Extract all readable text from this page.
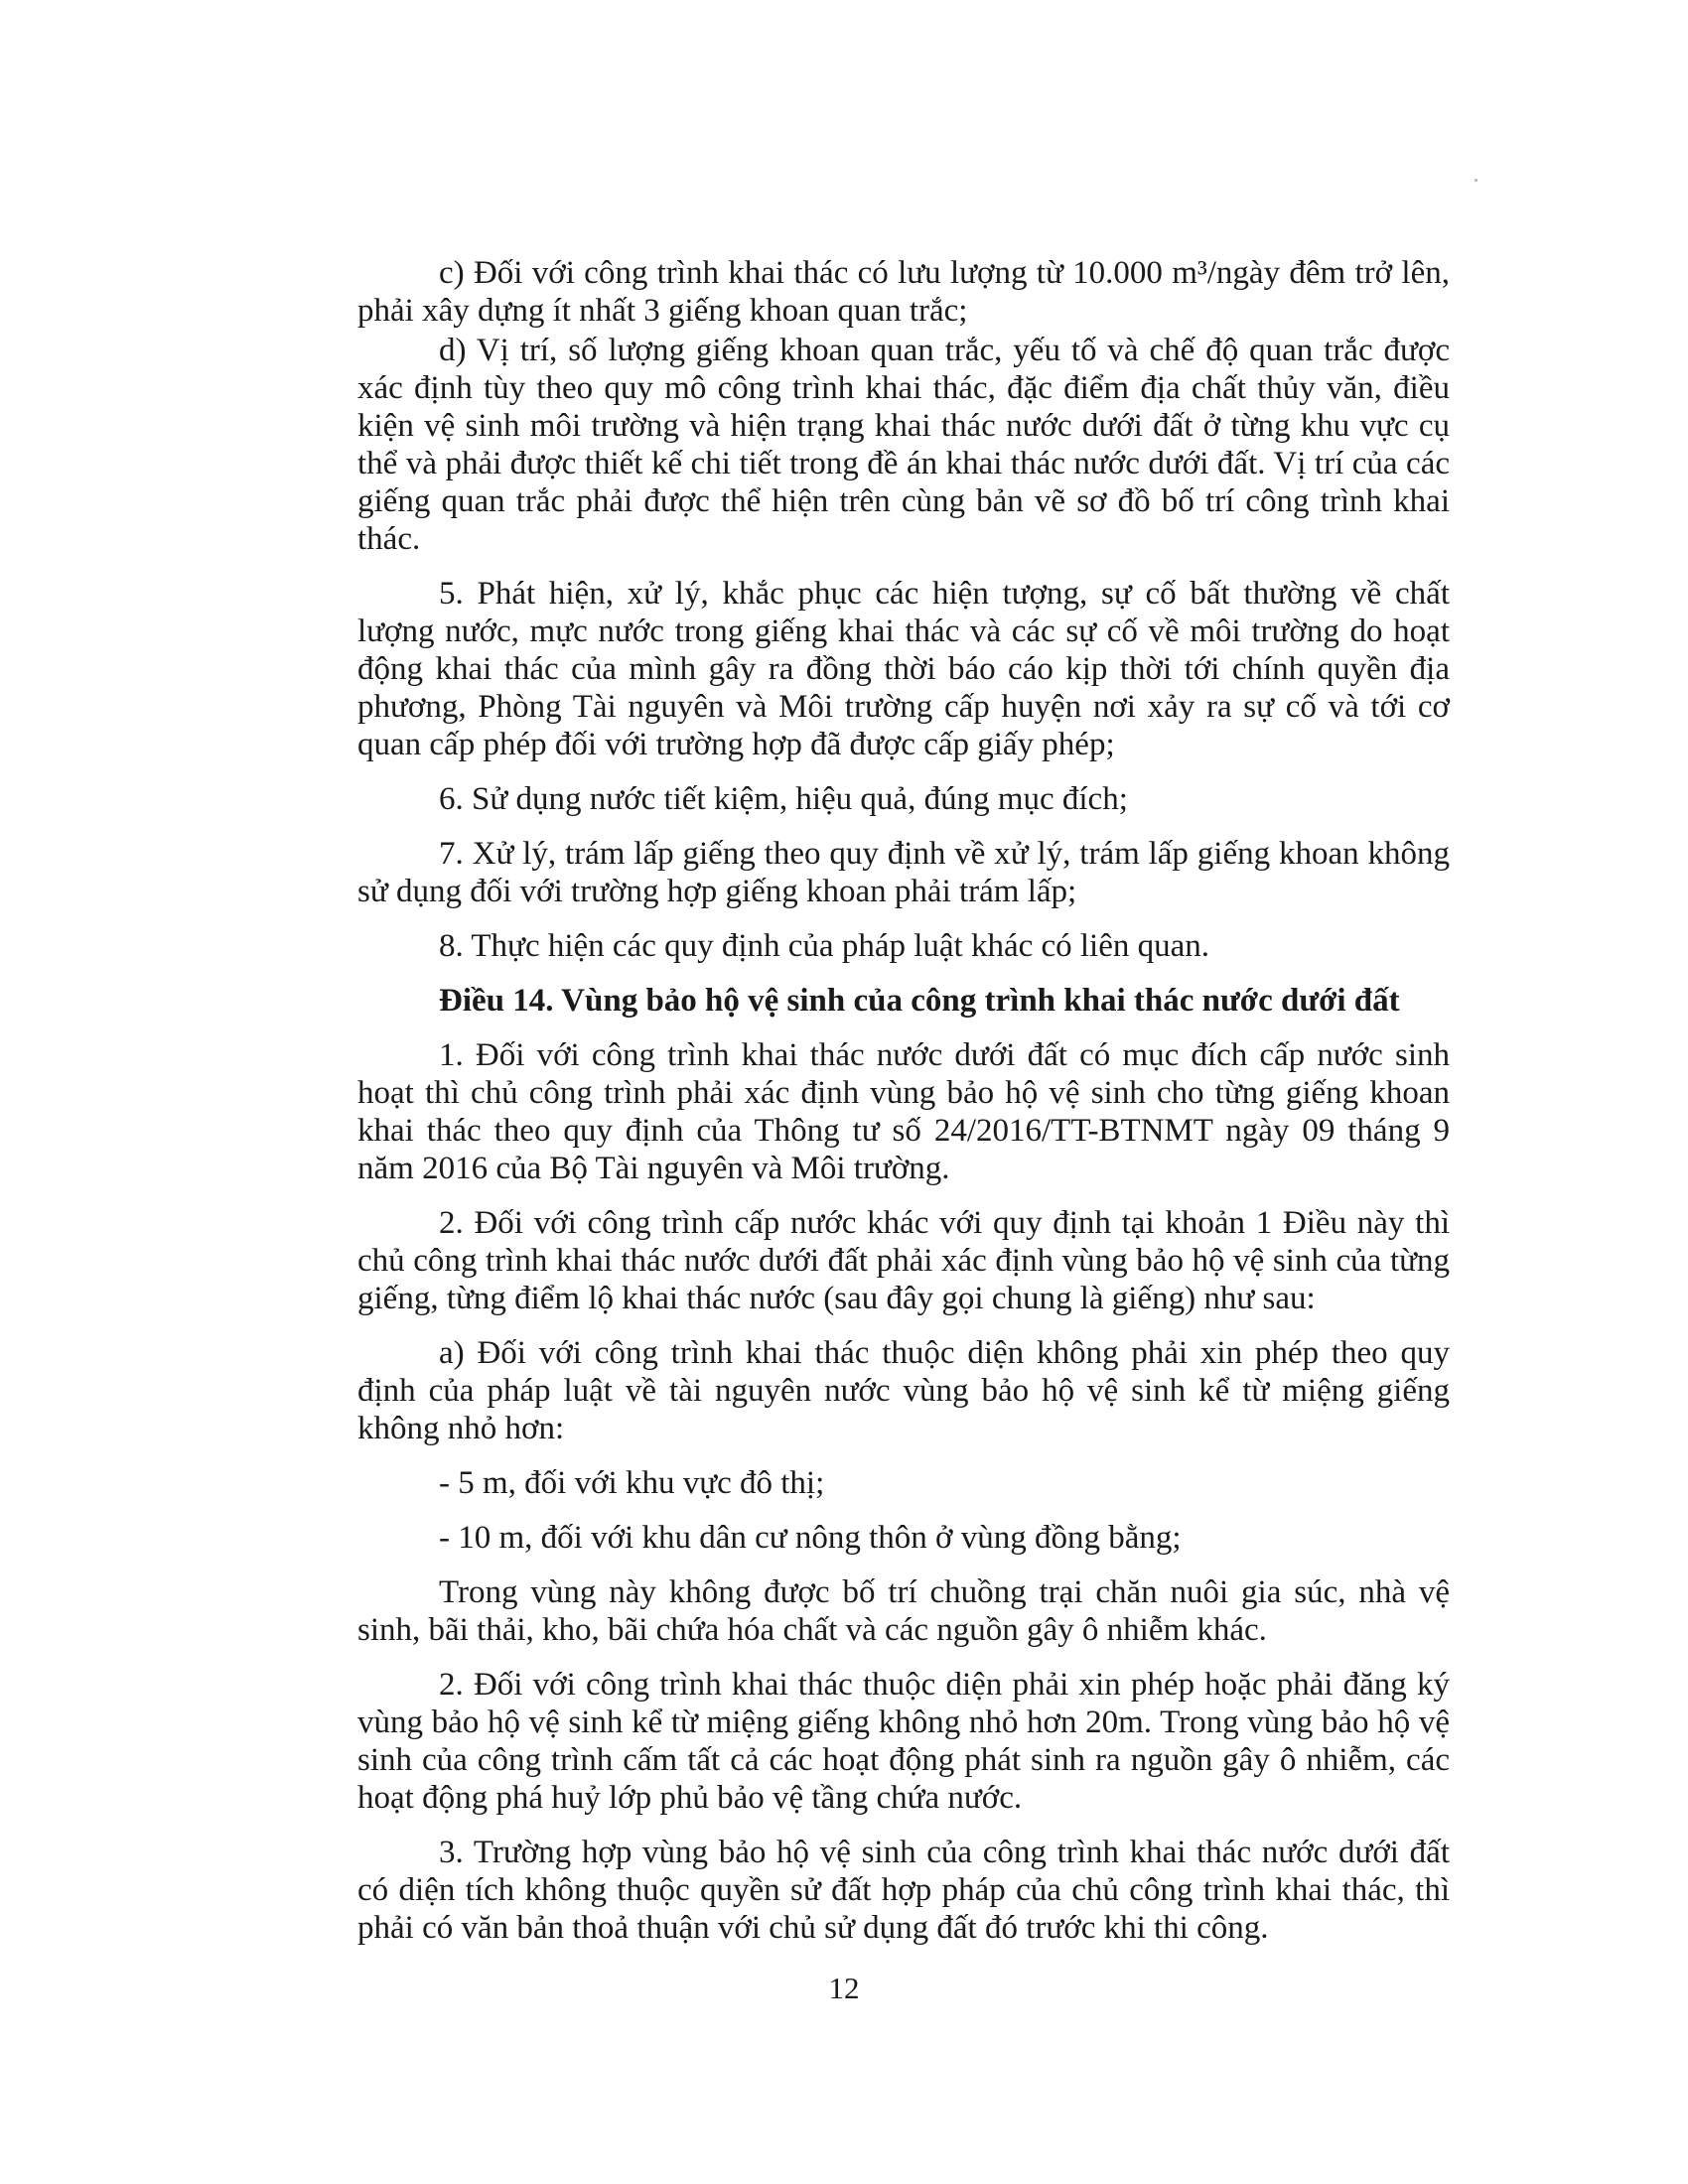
c) Đối với công trình khai thác có lưu lượng từ 10.000 m³/ngày đêm trở lên, phải xây dựng ít nhất 3 giếng khoan quan trắc;

d) Vị trí, số lượng giếng khoan quan trắc, yếu tố và chế độ quan trắc được xác định tùy theo quy mô công trình khai thác, đặc điểm địa chất thủy văn, điều kiện vệ sinh môi trường và hiện trạng khai thác nước dưới đất ở từng khu vực cụ thể và phải được thiết kế chi tiết trong đề án khai thác nước dưới đất. Vị trí của các giếng quan trắc phải được thể hiện trên cùng bản vẽ sơ đồ bố trí công trình khai thác.

5. Phát hiện, xử lý, khắc phục các hiện tượng, sự cố bất thường về chất lượng nước, mực nước trong giếng khai thác và các sự cố về môi trường do hoạt động khai thác của mình gây ra đồng thời báo cáo kịp thời tới chính quyền địa phương, Phòng Tài nguyên và Môi trường cấp huyện nơi xảy ra sự cố và tới cơ quan cấp phép đối với trường hợp đã được cấp giấy phép;

6. Sử dụng nước tiết kiệm, hiệu quả, đúng mục đích;

7. Xử lý, trám lấp giếng theo quy định về xử lý, trám lấp giếng khoan không sử dụng đối với trường hợp giếng khoan phải trám lấp;

8. Thực hiện các quy định của pháp luật khác có liên quan.

Điều 14. Vùng bảo hộ vệ sinh của công trình khai thác nước dưới đất

1. Đối với công trình khai thác nước dưới đất có mục đích cấp nước sinh hoạt thì chủ công trình phải xác định vùng bảo hộ vệ sinh cho từng giếng khoan khai thác theo quy định của Thông tư số 24/2016/TT-BTNMT ngày 09 tháng 9 năm 2016 của Bộ Tài nguyên và Môi trường.

2. Đối với công trình cấp nước khác với quy định tại khoản 1 Điều này thì chủ công trình khai thác nước dưới đất phải xác định vùng bảo hộ vệ sinh của từng giếng, từng điểm lộ khai thác nước (sau đây gọi chung là giếng) như sau:

a) Đối với công trình khai thác thuộc diện không phải xin phép theo quy định của pháp luật về tài nguyên nước vùng bảo hộ vệ sinh kể từ miệng giếng không nhỏ hơn:

- 5 m, đối với khu vực đô thị;

- 10 m, đối với khu dân cư nông thôn ở vùng đồng bằng;

Trong vùng này không được bố trí chuồng trại chăn nuôi gia súc, nhà vệ sinh, bãi thải, kho, bãi chứa hóa chất và các nguồn gây ô nhiễm khác.

2. Đối với công trình khai thác thuộc diện phải xin phép hoặc phải đăng ký vùng bảo hộ vệ sinh kể từ miệng giếng không nhỏ hơn 20m. Trong vùng bảo hộ vệ sinh của công trình cấm tất cả các hoạt động phát sinh ra nguồn gây ô nhiễm, các hoạt động phá huỷ lớp phủ bảo vệ tầng chứa nước.

3. Trường hợp vùng bảo hộ vệ sinh của công trình khai thác nước dưới đất có diện tích không thuộc quyền sử đất hợp pháp của chủ công trình khai thác, thì phải có văn bản thoả thuận với chủ sử dụng đất đó trước khi thi công.

12
